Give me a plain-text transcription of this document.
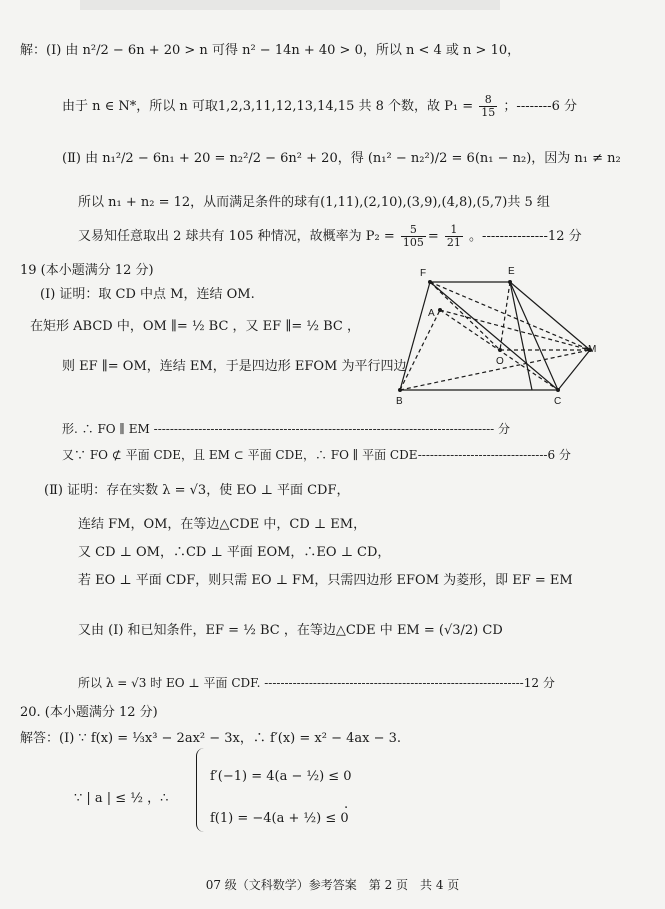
解：(Ⅰ) 由 n²/2 − 6n + 20 > n 可得 n² − 14n + 40 > 0，所以 n < 4 或 n > 10，
由于 n ∈ N*，所以 n 可取1,2,3,11,12,13,14,15 共 8 个数，故 $P_1 = \frac{8}{15}$ ；--------6 分
(Ⅱ) 由 n₁²/2 − 6n₁ + 20 = n₂²/2 − 6n² + 20，得 (n₁² − n₂²)/2 = 6(n₁ − n₂)，因为 n₁ ≠ n₂
所以 n₁ + n₂ = 12，从而满足条件的球有(1,11),(2,10),(3,9),(4,8),(5,7)共 5 组
又易知任意取出 2 球共有 105 种情况，故概率为 $P_2 = \frac{5}{105} = \frac{1}{21}$ 。---------------12 分
19 (本小题满分 12 分)
(Ⅰ) 证明：取 CD 中点 M，连结 OM.
在矩形 ABCD 中，OM ∥= ½ BC ，又 EF ∥= ½ BC ，
则 EF ∥= OM，连结 EM，于是四边形 EFOM 为平行四边
形. ∴ FO ∥ EM ------------------------------------------------------------------------------------ 分
又∵ FO ⊄ 平面 CDE，且 EM ⊂ 平面 CDE，∴ FO ∥ 平面 CDE--------------------------------6 分
(Ⅱ) 证明：存在实数 λ = √3，使 EO ⊥ 平面 CDF，
连结 FM，OM，在等边△CDE 中，CD ⊥ EM，
又 CD ⊥ OM，∴CD ⊥ 平面 EOM，∴EO ⊥ CD，
若 EO ⊥ 平面 CDF，则只需 EO ⊥ FM，只需四边形 EFOM 为菱形，即 EF = EM
又由 (Ⅰ) 和已知条件，EF = ½ BC ，在等边△CDE 中 EM = (√3/2) CD
所以 λ = √3 时 EO ⊥ 平面 CDF. ----------------------------------------------------------------12 分
F	E
A
O
M
B	C
20. (本小题满分 12 分)
解答：(Ⅰ) ∵ f(x) = ⅓x³ − 2ax² − 3x，∴ f′(x) = x² − 4ax − 3.
∵ | a | ≤ ½ ，∴
f′(−1) = 4(a − ½) ≤ 0
f(1) = −4(a + ½) ≤ 0
.
07 级（文科数学）参考答案　第 2 页　共 4 页
